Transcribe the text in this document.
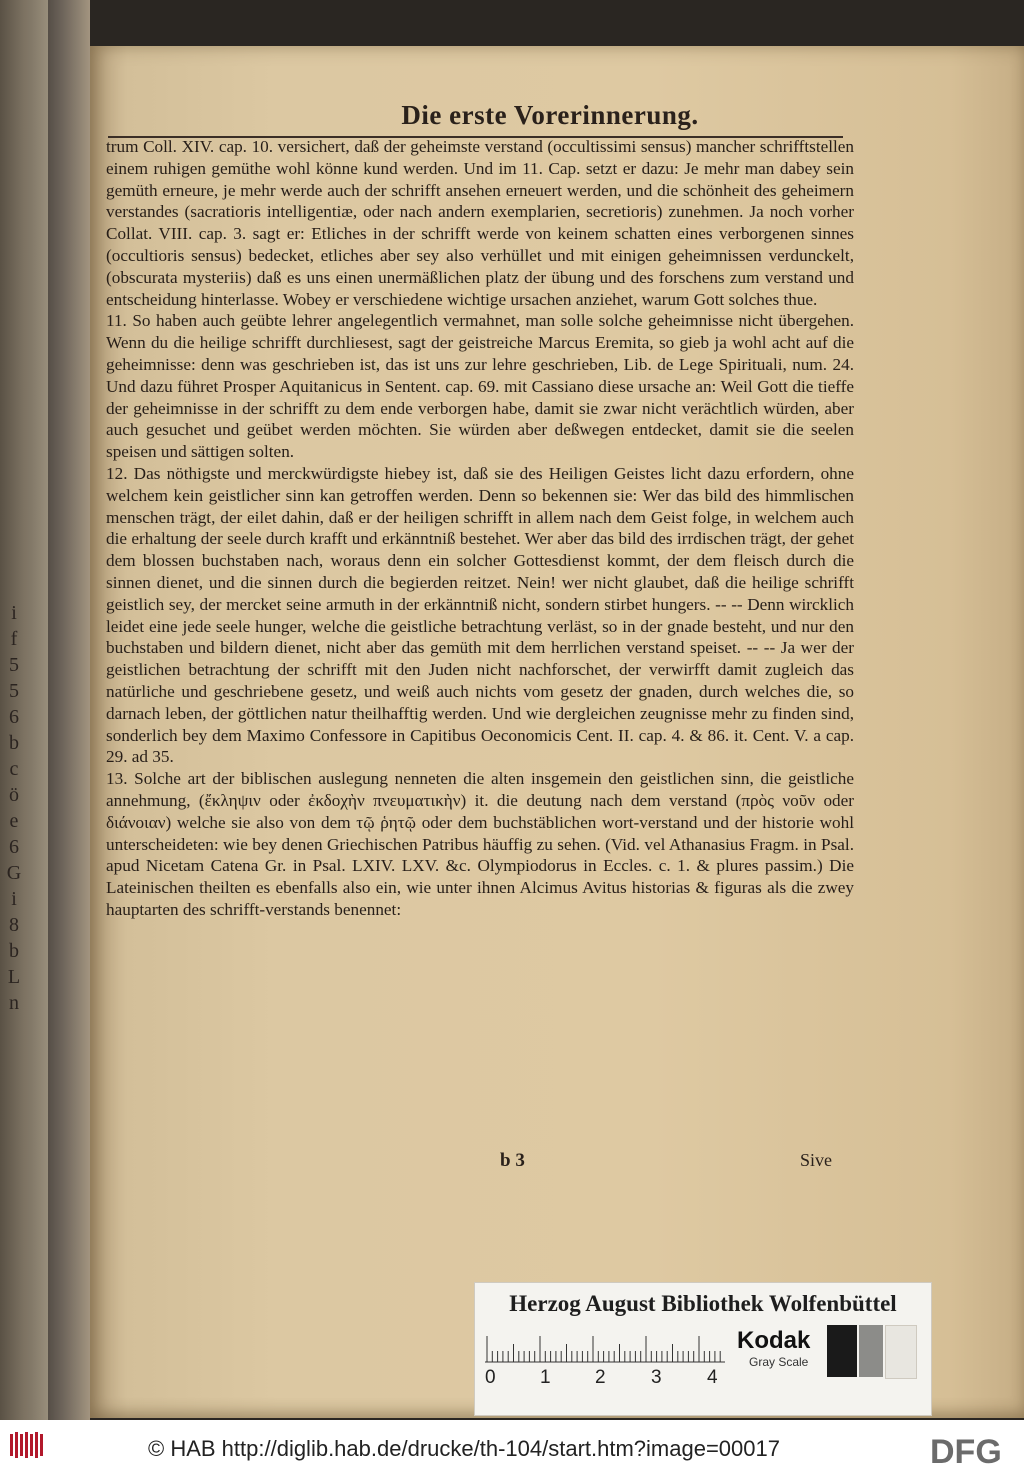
i
f
5
5
6
b
c
ö
e
6
G
i
8
b
L
n
Die erste Vorerinnerung.

trum Coll. XIV. cap. 10. versichert, daß der geheimste verstand (occultissimi sensus) mancher schrifftstellen einem ruhigen gemüthe wohl könne kund werden. Und im 11. Cap. setzt er dazu: Je mehr man dabey sein gemüth erneure, je mehr werde auch der schrifft ansehen erneuert werden, und die schönheit des geheimern verstandes (sacratioris intelligentiæ, oder nach andern exemplarien, secretioris) zunehmen. Ja noch vorher Collat. VIII. cap. 3. sagt er: Etliches in der schrifft werde von keinem schatten eines verborgenen sinnes (occultioris sensus) bedecket, etliches aber sey also verhüllet und mit einigen geheimnissen verdunckelt, (obscurata mysteriis) daß es uns einen unermäßlichen platz der übung und des forschens zum verstand und entscheidung hinterlasse. Wobey er verschiedene wichtige ursachen anziehet, warum Gott solches thue.

11. So haben auch geübte lehrer angelegentlich vermahnet, man solle solche geheimnisse nicht übergehen. Wenn du die heilige schrifft durchliesest, sagt der geistreiche Marcus Eremita, so gieb ja wohl acht auf die geheimnisse: denn was geschrieben ist, das ist uns zur lehre geschrieben, Lib. de Lege Spirituali, num. 24. Und dazu führet Prosper Aquitanicus in Sentent. cap. 69. mit Cassiano diese ursache an: Weil Gott die tieffe der geheimnisse in der schrifft zu dem ende verborgen habe, damit sie zwar nicht verächtlich würden, aber auch gesuchet und geübet werden möchten. Sie würden aber deßwegen entdecket, damit sie die seelen speisen und sättigen solten.

12. Das nöthigste und merckwürdigste hiebey ist, daß sie des Heiligen Geistes licht dazu erfordern, ohne welchem kein geistlicher sinn kan getroffen werden. Denn so bekennen sie: Wer das bild des himmlischen menschen trägt, der eilet dahin, daß er der heiligen schrifft in allem nach dem Geist folge, in welchem auch die erhaltung der seele durch krafft und erkänntniß bestehet. Wer aber das bild des irrdischen trägt, der gehet dem blossen buchstaben nach, woraus denn ein solcher Gottesdienst kommt, der dem fleisch durch die sinnen dienet, und die sinnen durch die begierden reitzet. Nein! wer nicht glaubet, daß die heilige schrifft geistlich sey, der mercket seine armuth in der erkänntniß nicht, sondern stirbet hungers. -- -- Denn wircklich leidet eine jede seele hunger, welche die geistliche betrachtung verläst, so in der gnade besteht, und nur den buchstaben und bildern dienet, nicht aber das gemüth mit dem herrlichen verstand speiset. -- -- Ja wer der geistlichen betrachtung der schrifft mit den Juden nicht nachforschet, der verwirfft damit zugleich das natürliche und geschriebene gesetz, und weiß auch nichts vom gesetz der gnaden, durch welches die, so darnach leben, der göttlichen natur theilhafftig werden. Und wie dergleichen zeugnisse mehr zu finden sind, sonderlich bey dem Maximo Confessore in Capitibus Oeconomicis Cent. II. cap. 4. & 86. it. Cent. V. a cap. 29. ad 35.

13. Solche art der biblischen auslegung nenneten die alten insgemein den geistlichen sinn, die geistliche annehmung, (ἔκληψιν oder ἐκδοχὴν πνευματικὴν) it. die deutung nach dem verstand (πρὸς νοῦν oder διάνοιαν) welche sie also von dem τῷ ῥητῷ oder dem buchstäblichen wort-verstand und der historie wohl unterscheideten: wie bey denen Griechischen Patribus häuffig zu sehen. (Vid. vel Athanasius Fragm. in Psal. apud Nicetam Catena Gr. in Psal. LXIV. LXV. &c. Olympiodorus in Eccles. c. 1. & plures passim.) Die Lateinischen theilten es ebenfalls also ein, wie unter ihnen Alcimus Avitus historias & figuras als die zwey hauptarten des schrifft-verstands benennet:

b 3	Sive
Herzog August Bibliothek Wolfenbüttel
0 1 2 3 4
Kodak
Gray Scale
© HAB http://diglib.hab.de/drucke/th-104/start.htm?image=00017	DFG
